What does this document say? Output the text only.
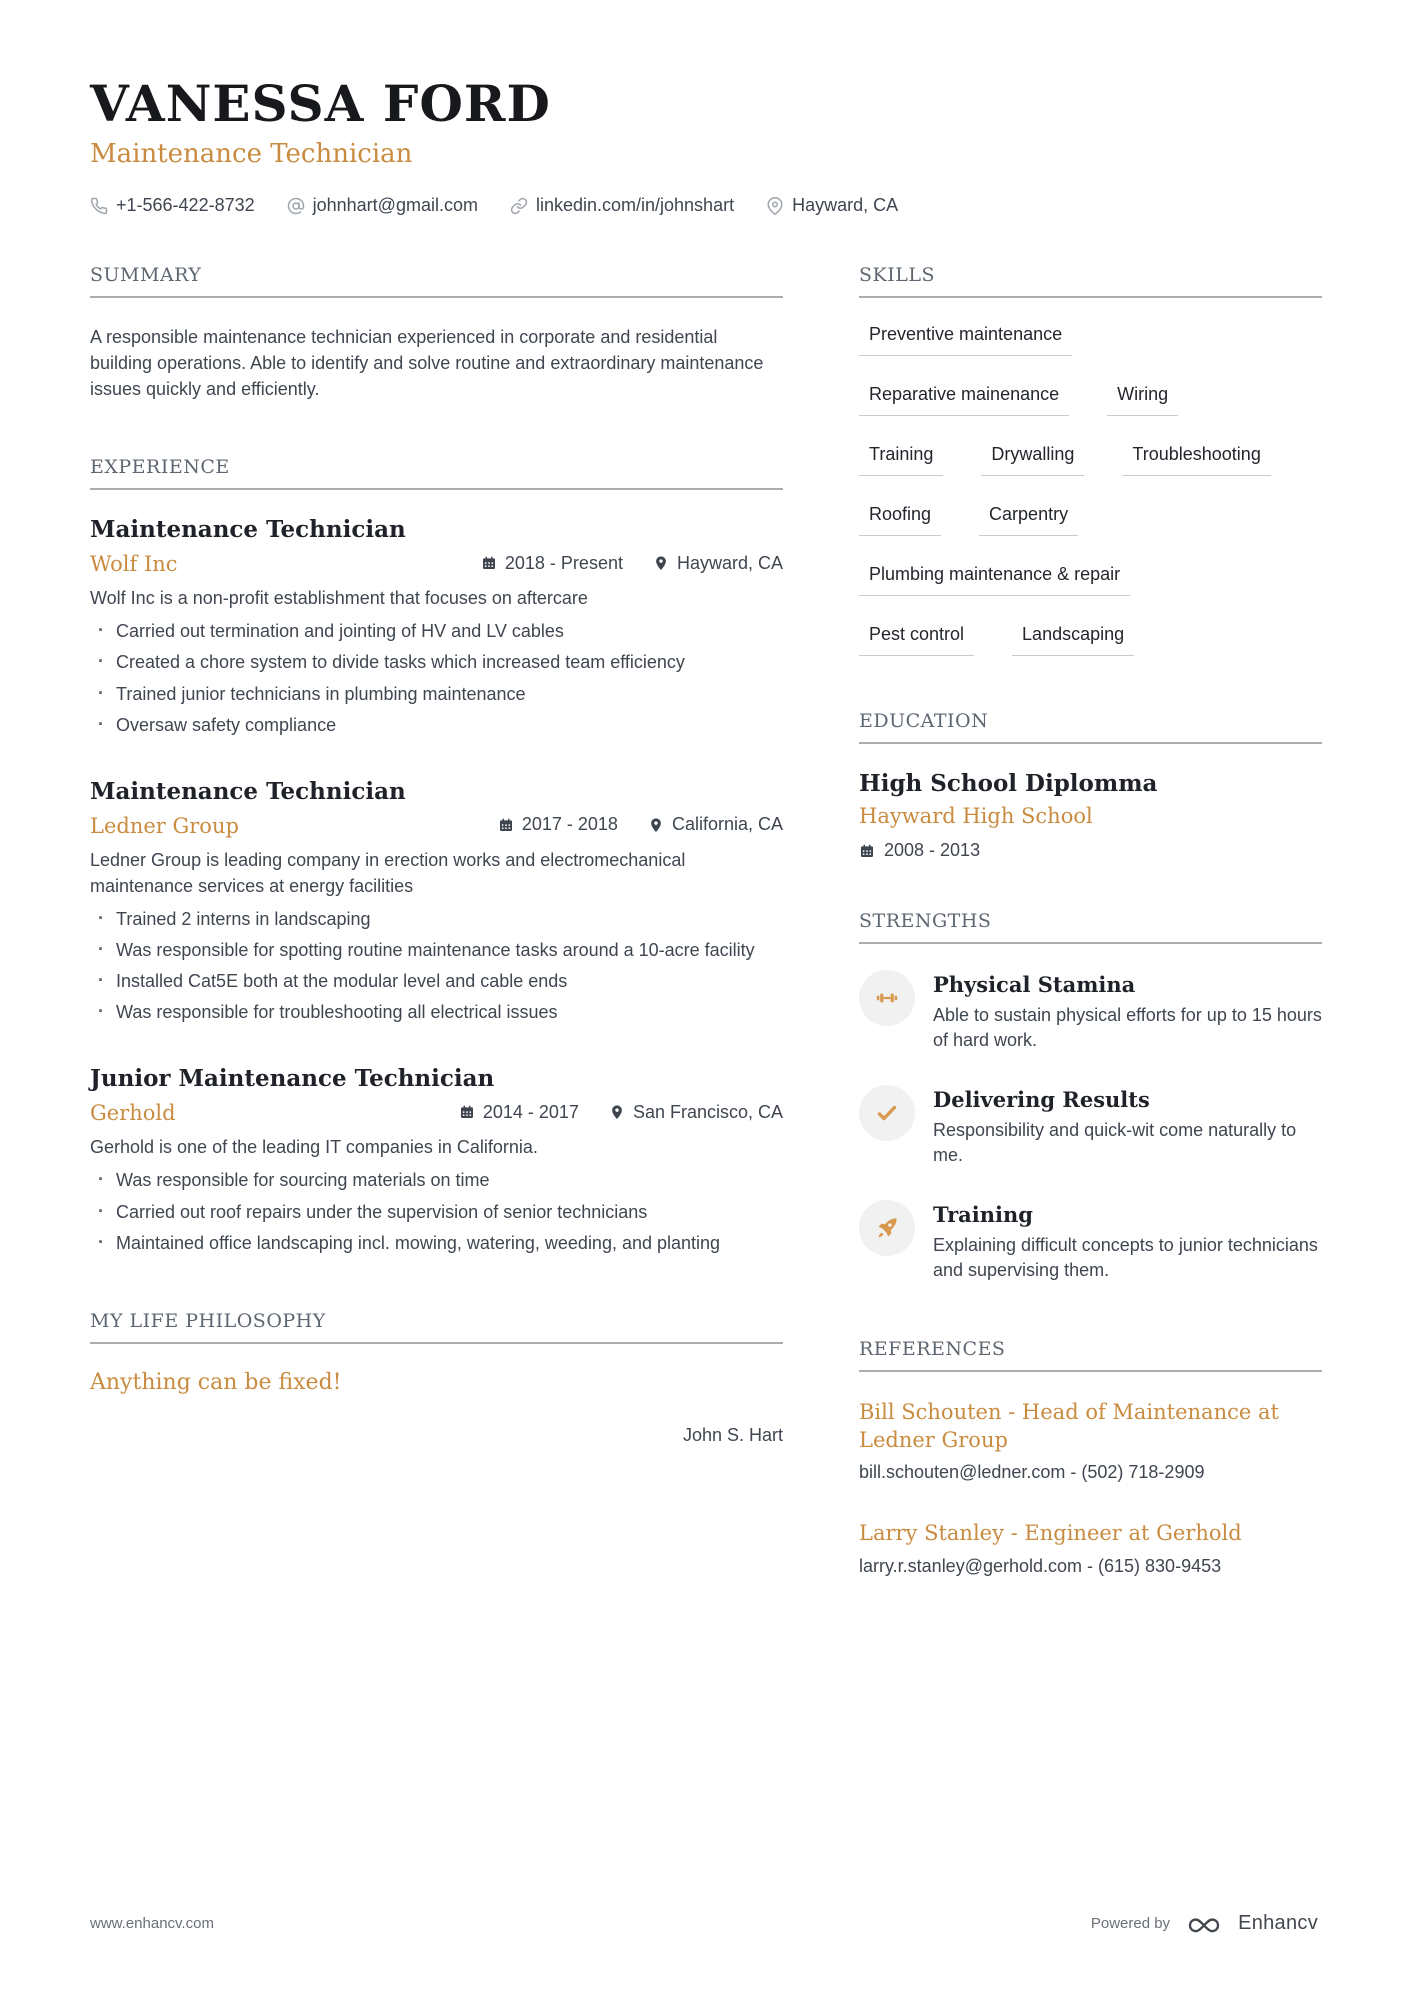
VANESSA FORD
Maintenance Technician
+1-566-422-8732	johnhart@gmail.com	linkedin.com/in/johnshart	Hayward, CA
SUMMARY

A responsible maintenance technician experienced in corporate and residential building operations. Able to identify and solve routine and extraordinary maintenance issues quickly and efficiently.

EXPERIENCE
Maintenance Technician
Wolf Inc	2018 - Present	Hayward, CA

Wolf Inc is a non-profit establishment that focuses on aftercare

· Carried out termination and jointing of HV and LV cables
· Created a chore system to divide tasks which increased team efficiency
· Trained junior technicians in plumbing maintenance
· Oversaw safety compliance
Maintenance Technician
Ledner Group	2017 - 2018	California, CA

Ledner Group is leading company in erection works and electromechanical maintenance services at energy facilities

· Trained 2 interns in landscaping
· Was responsible for spotting routine maintenance tasks around a 10-acre facility
· Installed Cat5E both at the modular level and cable ends
· Was responsible for troubleshooting all electrical issues
Junior Maintenance Technician
Gerhold	2014 - 2017	San Francisco, CA

Gerhold is one of the leading IT companies in California.

· Was responsible for sourcing materials on time
· Carried out roof repairs under the supervision of senior technicians
· Maintained office landscaping incl. mowing, watering, weeding, and planting
MY LIFE PHILOSOPHY
Anything can be fixed!
John S. Hart
SKILLS
Preventive maintenance
Reparative mainenance	Wiring
Training	Drywalling	Troubleshooting
Roofing	Carpentry
Plumbing maintenance & repair
Pest control	Landscaping
EDUCATION
High School Diplomma
Hayward High School
2008 - 2013
STRENGTHS
Physical Stamina
Able to sustain physical efforts for up to 15 hours of hard work.
Delivering Results
Responsibility and quick-wit come naturally to me.
Training
Explaining difficult concepts to junior technicians and supervising them.
REFERENCES
Bill Schouten - Head of Maintenance at Ledner Group
bill.schouten@ledner.com - (502) 718-2909
Larry Stanley - Engineer at Gerhold
larry.r.stanley@gerhold.com - (615) 830-9453
www.enhancv.com	Powered by	Enhancv
